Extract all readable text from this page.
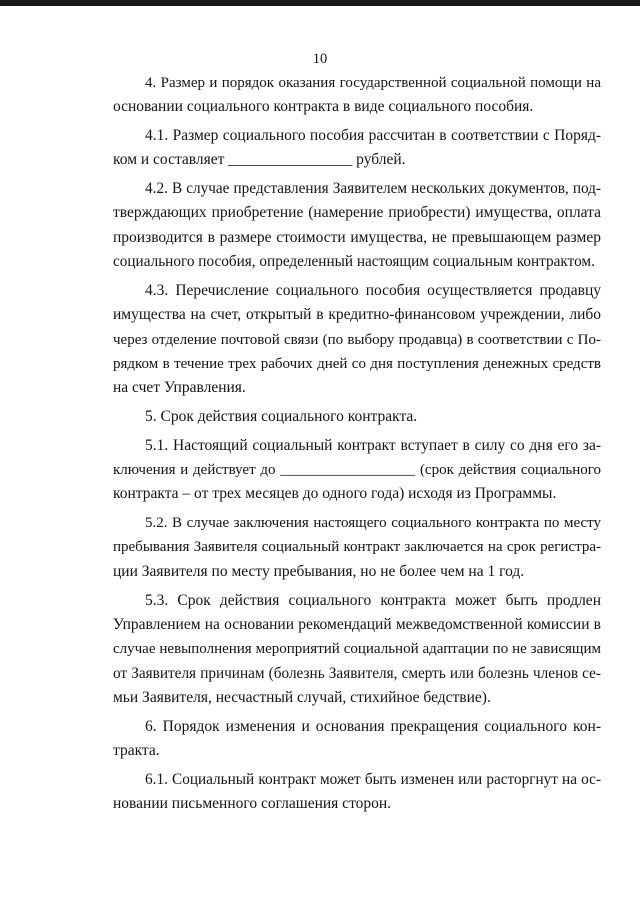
10
4. Размер и порядок оказания государственной социальной помощи на
основании социального контракта в виде социального пособия.
4.1. Размер социального пособия рассчитан в соответствии с Поряд-
ком и составляет ________________ рублей.
4.2. В случае представления Заявителем нескольких документов, под-
тверждающих приобретение (намерение приобрести) имущества, оплата
производится в размере стоимости имущества, не превышающем размер
социального пособия, определенный настоящим социальным контрактом.
4.3. Перечисление социального пособия осуществляется продавцу
имущества на счет, открытый в кредитно-финансовом учреждении, либо
через отделение почтовой связи (по выбору продавца) в соответствии с По-
рядком в течение трех рабочих дней со дня поступления денежных средств
на счет Управления.
5. Срок действия социального контракта.
5.1. Настоящий социальный контракт вступает в силу со дня его за-
ключения и действует до __________________ (срок действия социального
контракта – от трех месяцев до одного года) исходя из Программы.
5.2. В случае заключения настоящего социального контракта по месту
пребывания Заявителя социальный контракт заключается на срок регистра-
ции Заявителя по месту пребывания, но не более чем на 1 год.
5.3. Срок действия социального контракта может быть продлен
Управлением на основании рекомендаций межведомственной комиссии в
случае невыполнения мероприятий социальной адаптации по не зависящим
от Заявителя причинам (болезнь Заявителя, смерть или болезнь членов се-
мьи Заявителя, несчастный случай, стихийное бедствие).
6. Порядок изменения и основания прекращения социального кон-
тракта.
6.1. Социальный контракт может быть изменен или расторгнут на ос-
новании письменного соглашения сторон.
